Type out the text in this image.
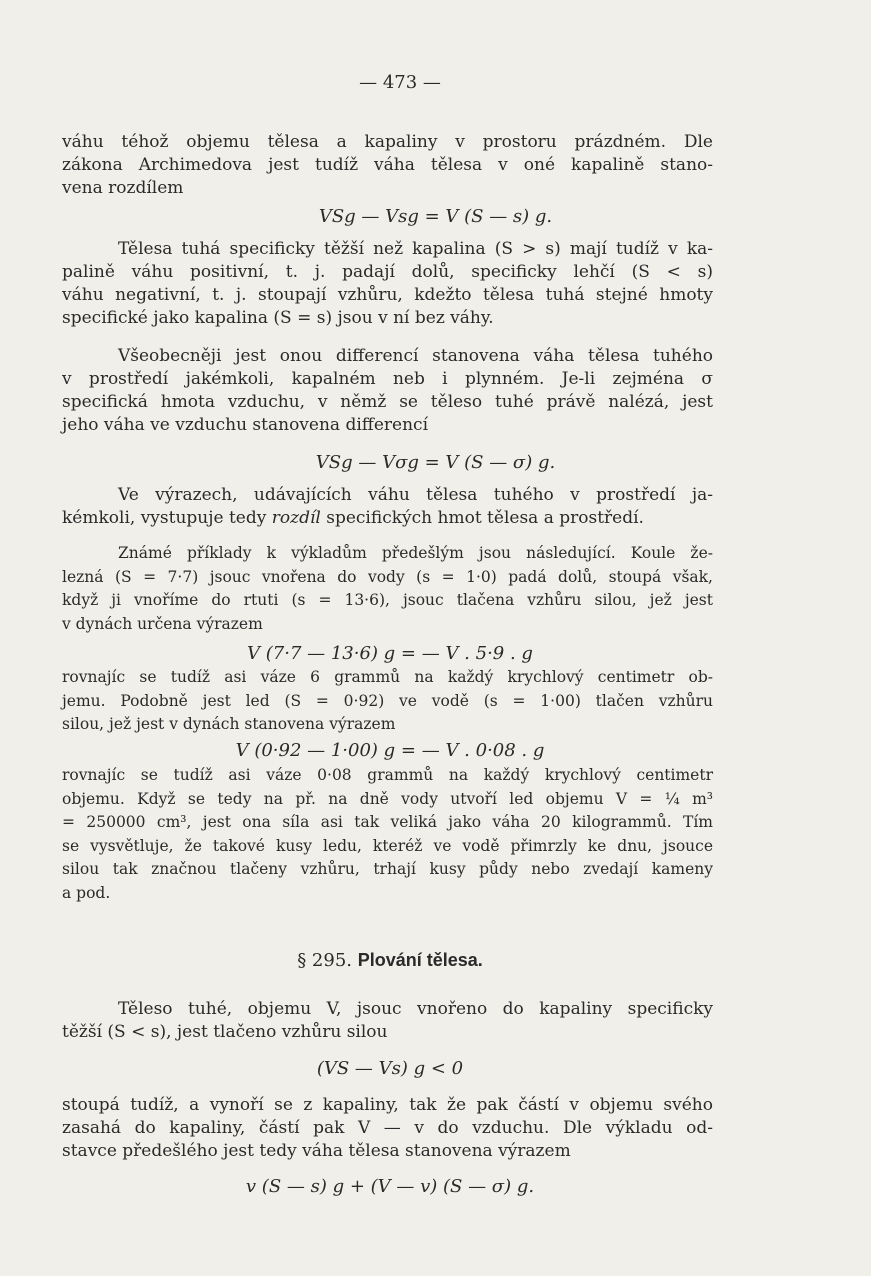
— 473 —
váhu téhož objemu tělesa a kapaliny v prostoru prázdném. Dle
zákona Archimedova jest tudíž váha tělesa v oné kapalině stano-
vena rozdílem
VSg — Vsg = V (S — s) g.
Tělesa tuhá specificky těžší než kapalina (S > s) mají tudíž v ka-
palině váhu positivní, t. j. padají dolů, specificky lehčí (S < s)
váhu negativní, t. j. stoupají vzhůru, kdežto tělesa tuhá stejné hmoty
specifické jako kapalina (S = s) jsou v ní bez váhy.
Všeobecněji jest onou differencí stanovena váha tělesa tuhého
v prostředí jakémkoli, kapalném neb i plynném. Je-li zejména σ
specifická hmota vzduchu, v němž se těleso tuhé právě nalézá, jest
jeho váha ve vzduchu stanovena differencí
VSg — Vσg = V (S — σ) g.
Ve výrazech, udávajících váhu tělesa tuhého v prostředí ja-
kémkoli, vystupuje tedy rozdíl specifických hmot tělesa a prostředí.
Známé příklady k výkladům předešlým jsou následující. Koule že-
lezná (S = 7·7) jsouc vnořena do vody (s = 1·0) padá dolů, stoupá však,
když ji vnoříme do rtuti (s = 13·6), jsouc tlačena vzhůru silou, jež jest
v dynách určena výrazem
V (7·7 — 13·6) g = — V . 5·9 . g
rovnajíc se tudíž asi váze 6 grammů na každý krychlový centimetr ob-
jemu. Podobně jest led (S = 0·92) ve vodě (s = 1·00) tlačen vzhůru
silou, jež jest v dynách stanovena výrazem
V (0·92 — 1·00) g = — V . 0·08 . g
rovnajíc se tudíž asi váze 0·08 grammů na každý krychlový centimetr
objemu. Když se tedy na př. na dně vody utvoří led objemu V = ¼ m³
= 250000 cm³, jest ona síla asi tak veliká jako váha 20 kilogrammů. Tím
se vysvětluje, že takové kusy ledu, kteréž ve vodě přimrzly ke dnu, jsouce
silou tak značnou tlačeny vzhůru, trhají kusy půdy nebo zvedají kameny
a pod.
§ 295. Plování tělesa.
Těleso tuhé, objemu V, jsouc vnořeno do kapaliny specificky
těžší (S < s), jest tlačeno vzhůru silou
(VS — Vs) g < 0
stoupá tudíž, a vynoří se z kapaliny, tak že pak částí v objemu svého
zasahá do kapaliny, částí pak V — v do vzduchu. Dle výkladu od-
stavce předešlého jest tedy váha tělesa stanovena výrazem
v (S — s) g + (V — v) (S — σ) g.
